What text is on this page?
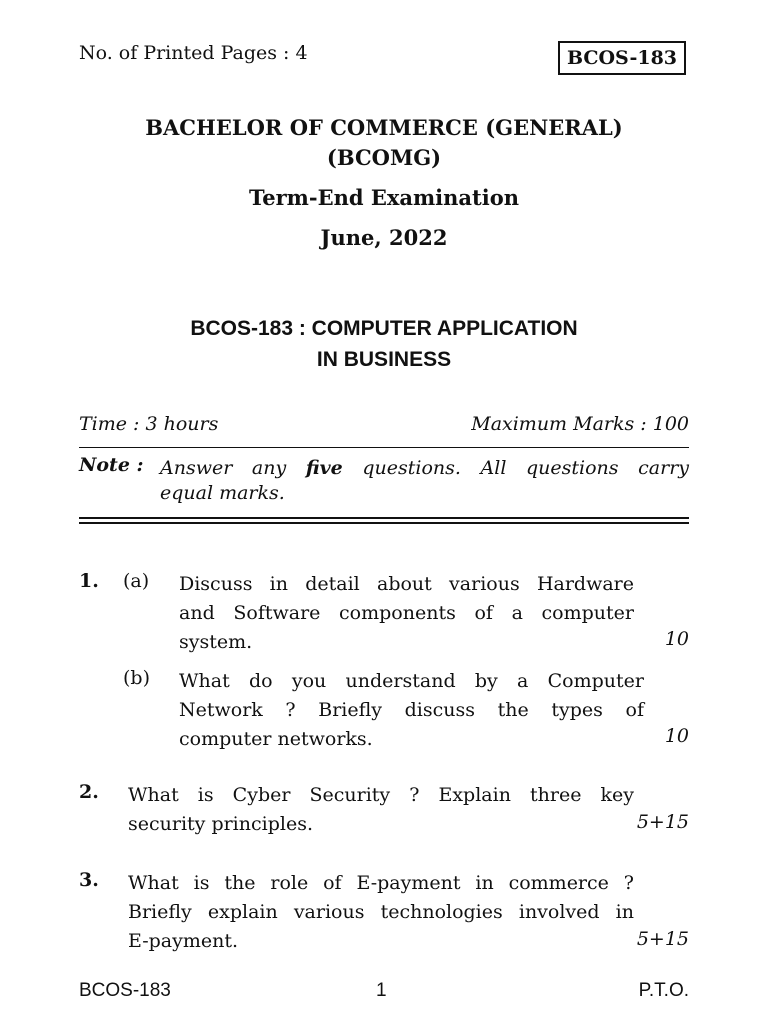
No. of Printed Pages : 4	BCOS-183
BACHELOR OF COMMERCE (GENERAL)
(BCOMG)
Term-End Examination
June, 2022
BCOS-183 : COMPUTER APPLICATION
IN BUSINESS
Time : 3 hours	Maximum Marks : 100
Note : Answer any five questions. All questions carry
equal marks.
1. (a) Discuss in detail about various Hardware
and Software components of a computer
system.	10
(b) What do you understand by a Computer
Network ? Briefly discuss the types of
computer networks.	10
2. What is Cyber Security ? Explain three key
security principles.	5+15
3. What is the role of E-payment in commerce ?
Briefly explain various technologies involved in
E-payment.	5+15
BCOS-183	1	P.T.O.
